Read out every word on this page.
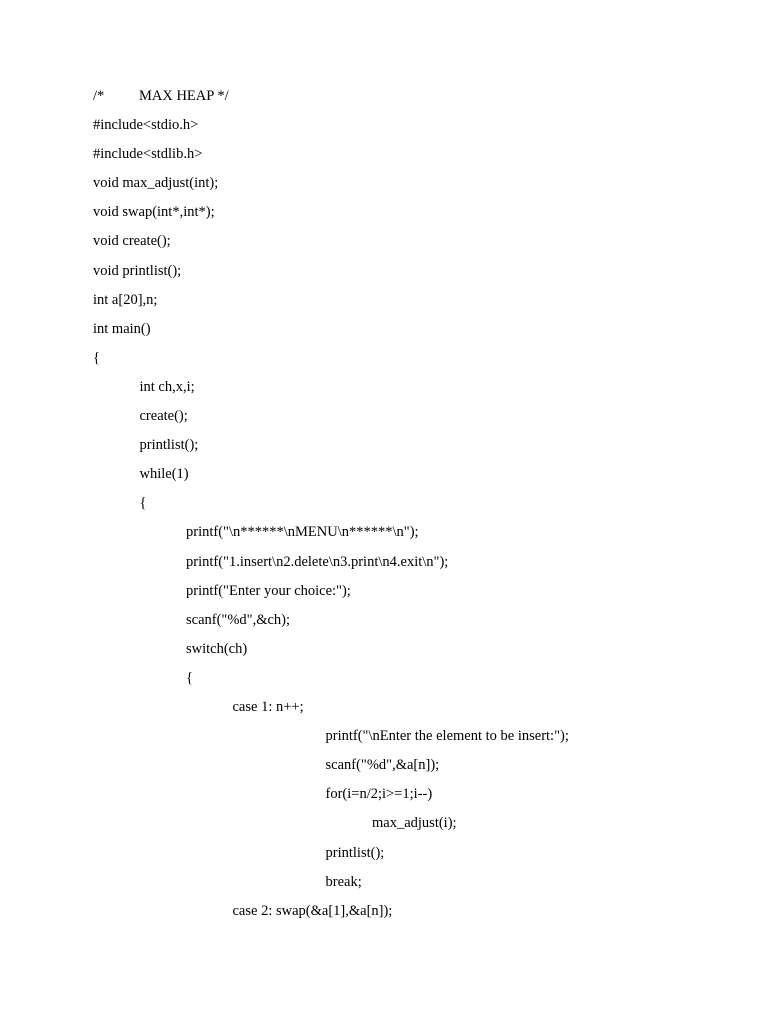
/* MAX HEAP */
#include<stdio.h>
#include<stdlib.h>
void max_adjust(int);
void swap(int*,int*);
void create();
void printlist();
int a[20],n;
int main()
{
int ch,x,i;
create();
printlist();
while(1)
{
printf("\n******\nMENU\n******\n");
printf("1.insert\n2.delete\n3.print\n4.exit\n");
printf("Enter your choice:");
scanf("%d",&ch);
switch(ch)
{
case 1: n++;
printf("\nEnter the element to be insert:");
scanf("%d",&a[n]);
for(i=n/2;i>=1;i--)
max_adjust(i);
printlist();
break;
case 2: swap(&a[1],&a[n]);
